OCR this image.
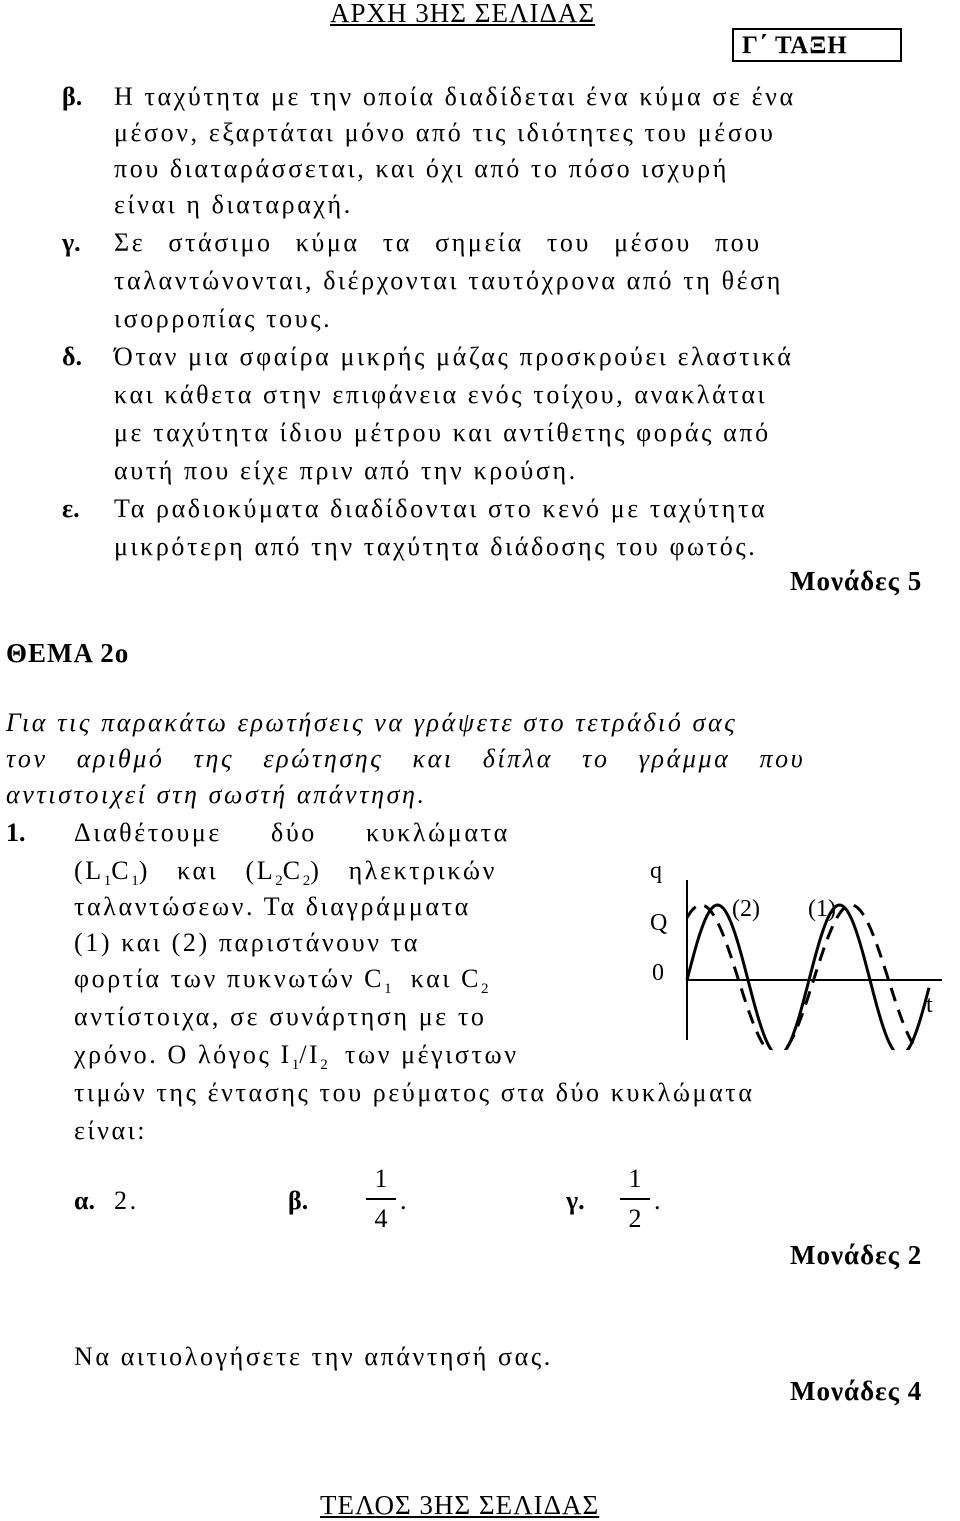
ΑΡΧΗ 3ΗΣ ΣΕΛΙΔΑΣ
Γ΄ ΤΑΞΗ
β. Η ταχύτητα με την οποία διαδίδεται ένα κύμα σε ένα
μέσον, εξαρτάται μόνο από τις ιδιότητες του μέσου
που διαταράσσεται, και όχι από το πόσο ισχυρή
είναι η διαταραχή.
γ. Σε στάσιμο κύμα τα σημεία του μέσου που
ταλαντώνονται, διέρχονται ταυτόχρονα από τη θέση
ισορροπίας τους.
δ. Όταν μια σφαίρα μικρής μάζας προσκρούει ελαστικά
και κάθετα στην επιφάνεια ενός τοίχου, ανακλάται
με ταχύτητα ίδιου μέτρου και αντίθετης φοράς από
αυτή που είχε πριν από την κρούση.
ε. Τα ραδιοκύματα διαδίδονται στο κενό με ταχύτητα
μικρότερη από την ταχύτητα διάδοσης του φωτός.
Μονάδες 5
ΘΕΜΑ 2ο
Για τις παρακάτω ερωτήσεις να γράψετε στο τετράδιό σας
τον αριθμό της ερώτησης και δίπλα το γράμμα που
αντιστοιχεί στη σωστή απάντηση.
1. Διαθέτουμε δύο κυκλώματα
$(L_1C_1)$ και $(L_2C_2)$ ηλεκτρικών
ταλαντώσεων. Τα διαγράμματα
(1) και (2) παριστάνουν τα
φορτία των πυκνωτών $C_1$ και $C_2$
αντίστοιχα, σε συνάρτηση με το
χρόνο. Ο λόγος $I_1/I_2$ των μέγιστων
τιμών της έντασης του ρεύματος στα δύο κυκλώματα
είναι:
q
Q
0
t
(2) (1)
α. 2.	β.
1
4
.	γ.
1
2
.
Μονάδες 2
Να αιτιολογήσετε την απάντησή σας.
Μονάδες 4
ΤΕΛΟΣ 3ΗΣ ΣΕΛΙΔΑΣ
